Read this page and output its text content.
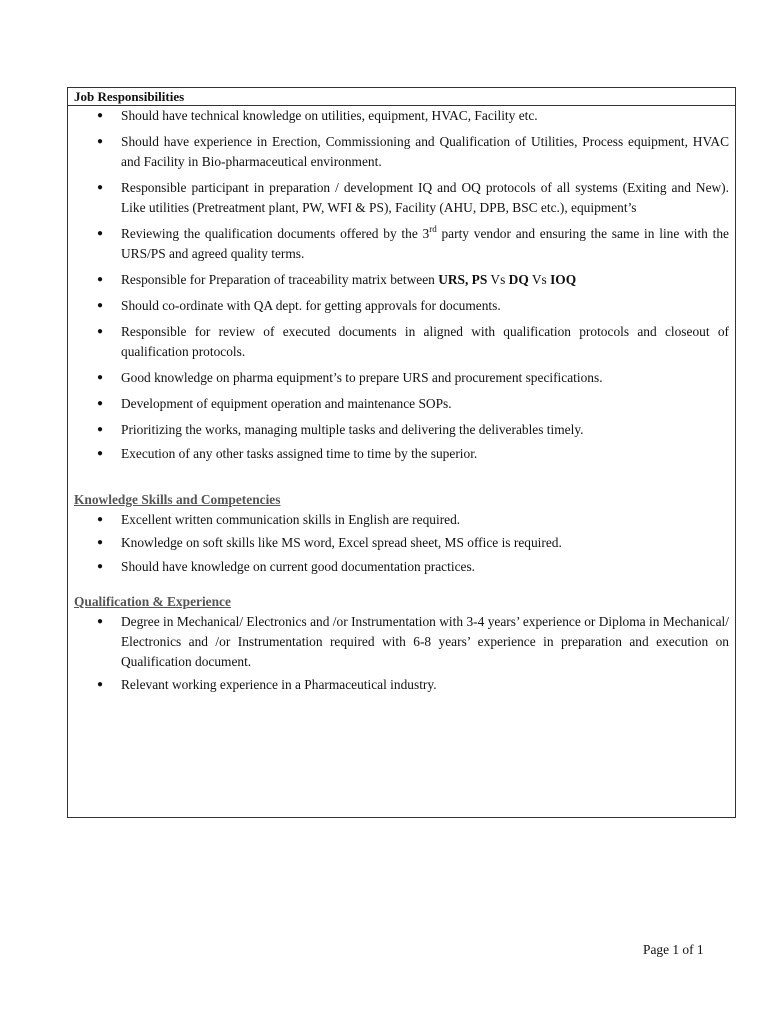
Job Responsibilities
● Should have technical knowledge on utilities, equipment, HVAC, Facility etc.
● Should have experience in Erection, Commissioning and Qualification of Utilities, Process equipment, HVAC and Facility in Bio-pharmaceutical environment.
● Responsible participant in preparation / development IQ and OQ protocols of all systems (Exiting and New). Like utilities (Pretreatment plant, PW, WFI & PS), Facility (AHU, DPB, BSC etc.), equipment’s
● Reviewing the qualification documents offered by the 3rd party vendor and ensuring the same in line with the URS/PS and agreed quality terms.
● Responsible for Preparation of traceability matrix between URS, PS Vs DQ Vs IOQ
● Should co-ordinate with QA dept. for getting approvals for documents.
● Responsible for review of executed documents in aligned with qualification protocols and closeout of qualification protocols.
● Good knowledge on pharma equipment’s to prepare URS and procurement specifications.
● Development of equipment operation and maintenance SOPs.
● Prioritizing the works, managing multiple tasks and delivering the deliverables timely.
● Execution of any other tasks assigned time to time by the superior.
Knowledge Skills and Competencies
● Excellent written communication skills in English are required.
● Knowledge on soft skills like MS word, Excel spread sheet, MS office is required.
● Should have knowledge on current good documentation practices.
Qualification & Experience
● Degree in Mechanical/ Electronics and /or Instrumentation with 3-4 years’ experience or Diploma in Mechanical/ Electronics and /or Instrumentation required with 6-8 years’ experience in preparation and execution on Qualification document.
● Relevant working experience in a Pharmaceutical industry.
Page 1 of 1
